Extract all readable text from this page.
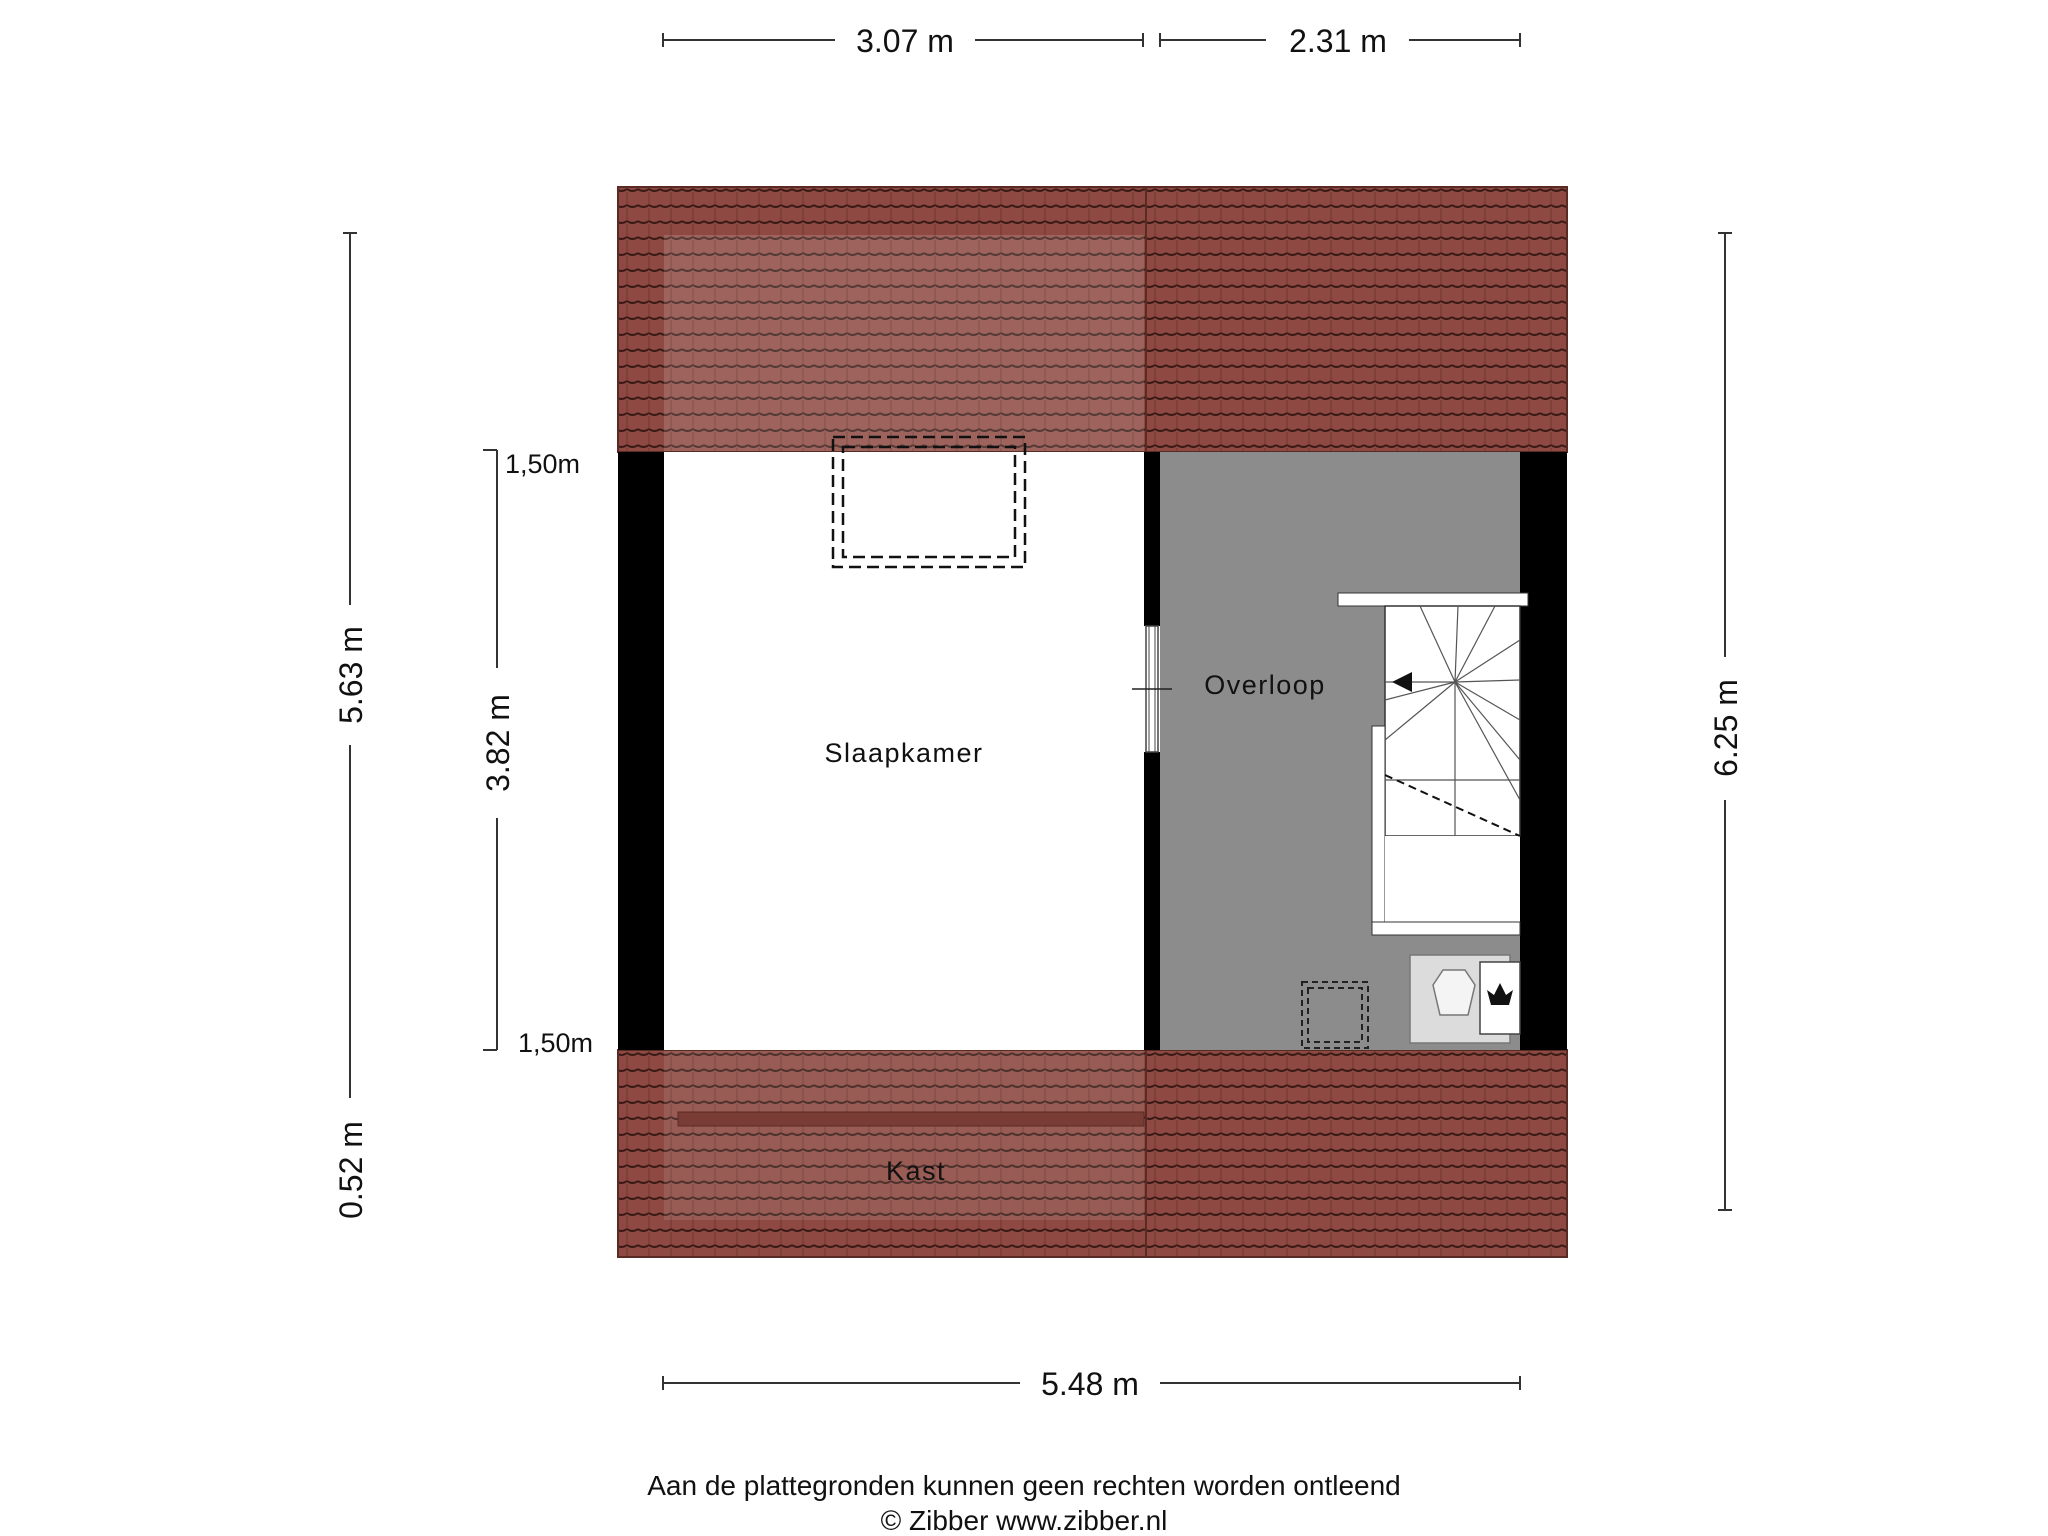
3.07 m	2.31 m
5.63 m
0.52 m
3.82 m
1,50m
1,50m
6.25 m
5.48 m
Slaapkamer
Overloop
Kast
Aan de plattegronden kunnen geen rechten worden ontleend
© Zibber www.zibber.nl
